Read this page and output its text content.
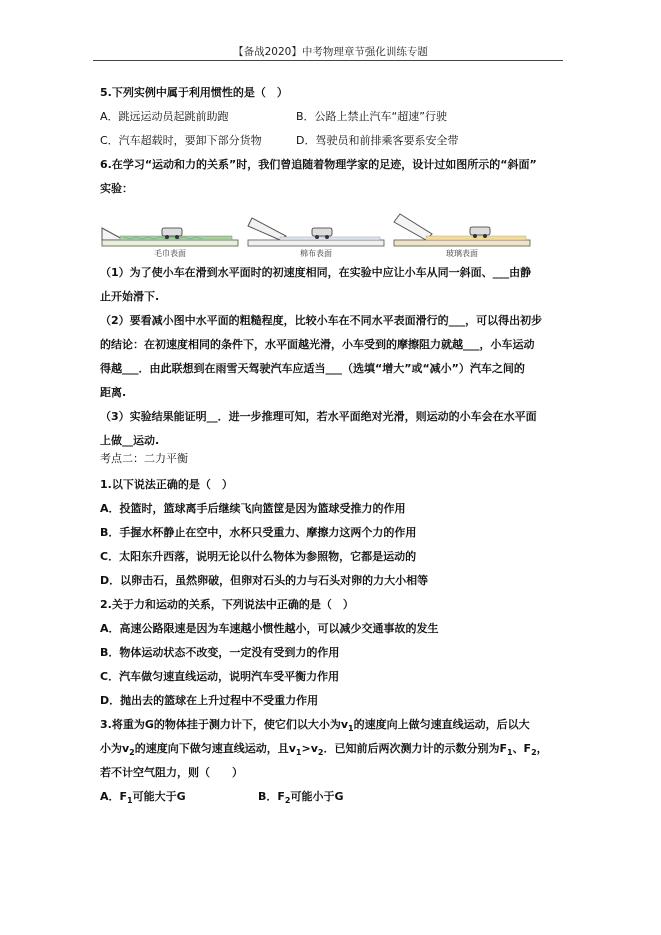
【备战2020】中考物理章节强化训练专题
5.下列实例中属于利用惯性的是（　）
A．跳远运动员起跳前助跑	B．公路上禁止汽车“超速”行驶
C．汽车超载时，要卸下部分货物	D．驾驶员和前排乘客要系安全带
6.在学习“运动和力的关系”时，我们曾追随着物理学家的足迹，设计过如图所示的“斜面”
实验：
毛巾表面	棉布表面	玻璃表面
（1）为了使小车在滑到水平面时的初速度相同，在实验中应让小车从同一斜面、___由静
止开始滑下.
（2）要看减小图中水平面的粗糙程度，比较小车在不同水平表面滑行的___，可以得出初步
的结论：在初速度相同的条件下，水平面越光滑，小车受到的摩擦阻力就越___，小车运动
得越___．由此联想到在雨雪天驾驶汽车应适当___（选填“增大”或“减小”）汽车之间的
距离.
（3）实验结果能证明__．进一步推理可知，若水平面绝对光滑，则运动的小车会在水平面
上做__运动.
考点二：二力平衡
1.以下说法正确的是（　）
A．投篮时，篮球离手后继续飞向篮筐是因为篮球受推力的作用
B．手握水杯静止在空中，水杯只受重力、摩擦力这两个力的作用
C．太阳东升西落，说明无论以什么物体为参照物，它都是运动的
D．以卵击石，虽然卵破，但卵对石头的力与石头对卵的力大小相等
2.关于力和运动的关系，下列说法中正确的是（　）
A．高速公路限速是因为车速越小惯性越小，可以减少交通事故的发生
B．物体运动状态不改变，一定没有受到力的作用
C．汽车做匀速直线运动，说明汽车受平衡力作用
D．抛出去的篮球在上升过程中不受重力作用
3.将重为G的物体挂于测力计下，使它们以大小为$v_1$的速度向上做匀速直线运动，后以大
小为$v_2$的速度向下做匀速直线运动，且$v_1>v_2$．已知前后两次测力计的示数分别为$F_1$、$F_2$，
若不计空气阻力，则（　　）
A．$F_1$可能大于G	B．$F_2$可能小于G
